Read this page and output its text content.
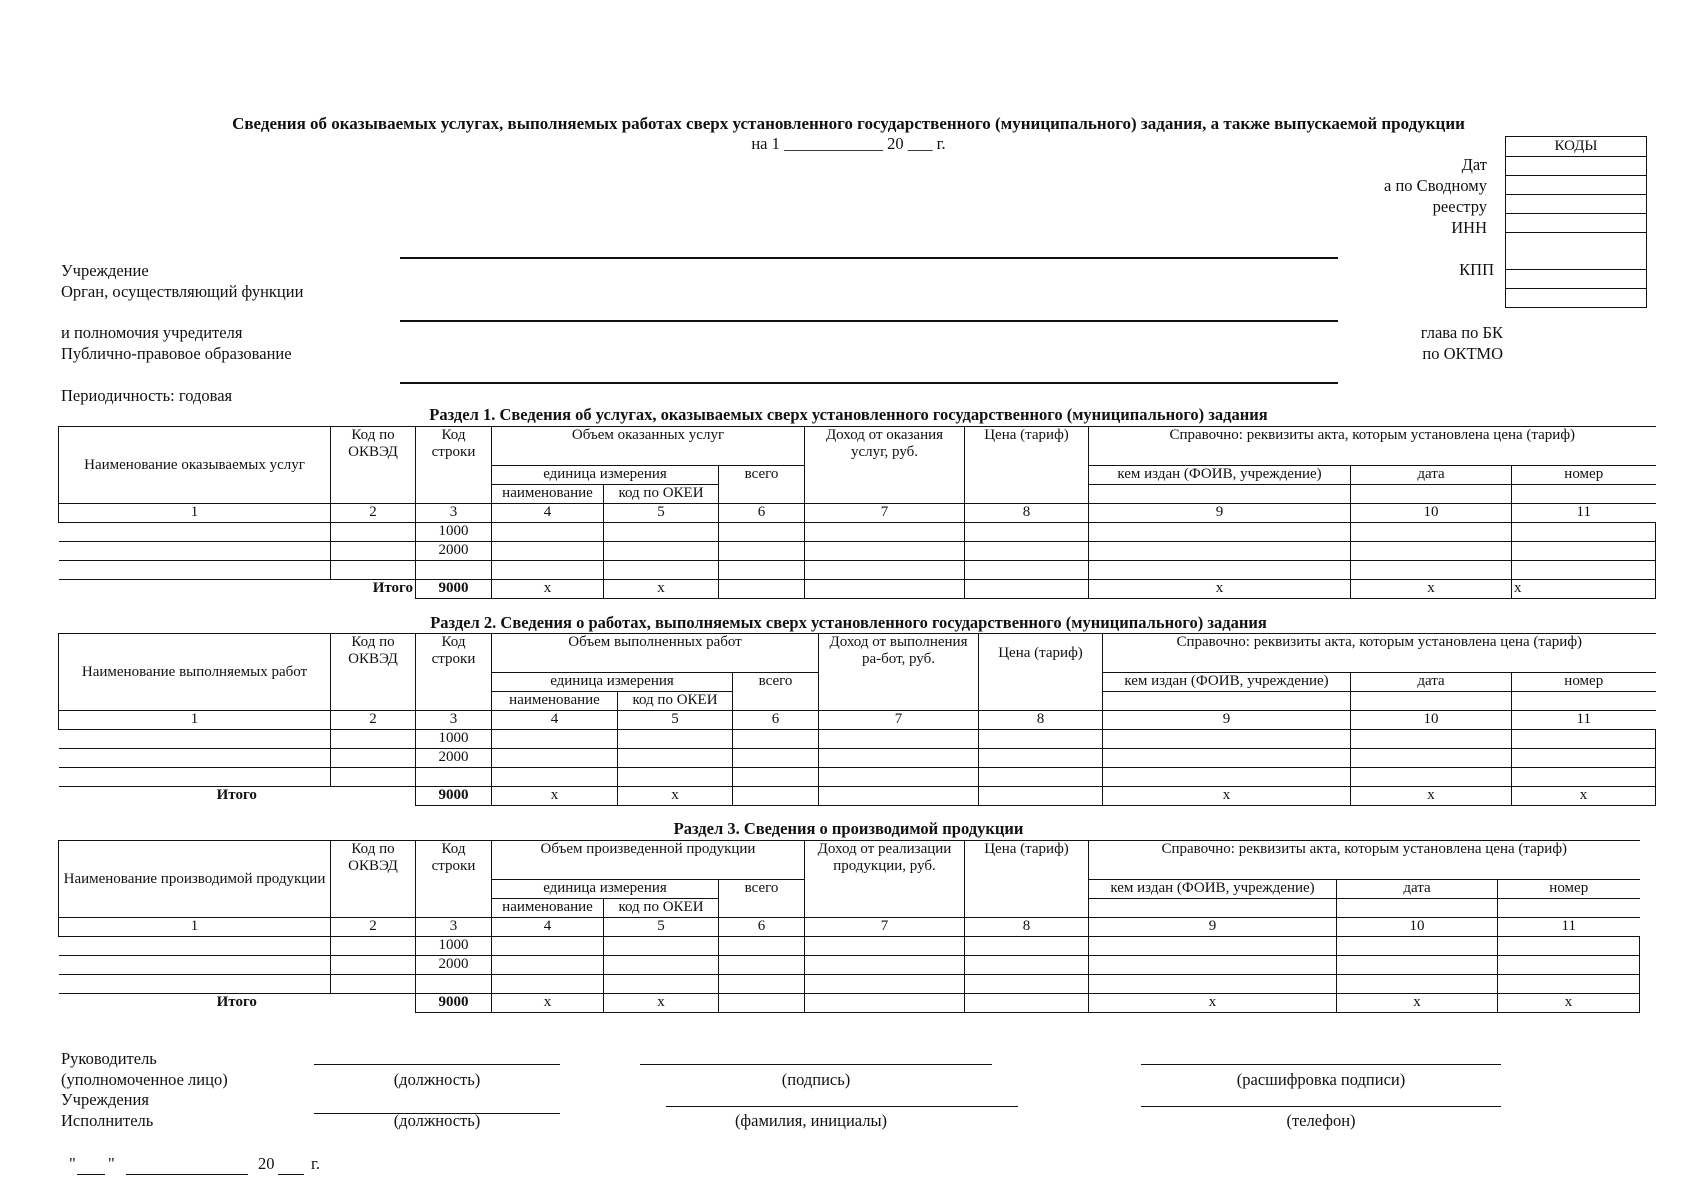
Сведения об оказываемых услугах, выполняемых работах сверх установленного государственного (муниципального) задания, а также выпускаемой продукции
на 1 ____________ 20 ___ г.	КОДЫ

Дат
а по Сводному
реестру
ИНН
КПП
глава по БК
по ОКТМО
Учреждение
Орган, осуществляющий функции
и полномочия учредителя
Публично-правовое образование
Периодичность: годовая
Раздел 1. Сведения об услугах, оказываемых сверх установленного государственного (муниципального) задания
Наименование оказываемых услуг	Код по ОКВЭД	Код строки	Объем оказанных услуг			Доход от оказания услуг, руб.	Цена (тариф)	Справочно: реквизиты акта, которым установлена цена (тариф)		
			единица измерения		всего			кем издан (ФОИВ, учреждение)	дата	номер
			наименование	код по ОКЕИ						
1	2	3	4	5	6	7	8	9	10	11
		1000								
		2000								

Итого		9000	х	х				х	х	х
Раздел 2. Сведения о работах, выполняемых сверх установленного государственного (муниципального) задания
Наименование выполняемых работ	Код по ОКВЭД	Код строки	Объем выполненных работ			Доход от выполнения ра-бот, руб.	Цена (тариф)	Справочно: реквизиты акта, которым установлена цена (тариф)		
			единица измерения		всего			кем издан (ФОИВ, учреждение)	дата	номер
			наименование	код по ОКЕИ						
1	2	3	4	5	6	7	8	9	10	11
		1000								
		2000								

Итого		9000	х	х				х	х	х
Раздел 3. Сведения о производимой продукции
Наименование производимой продукции	Код по ОКВЭД	Код строки	Объем произведенной продукции			Доход от реализации продукции, руб.	Цена (тариф)	Справочно: реквизиты акта, которым установлена цена (тариф)		
			единица измерения		всего			кем издан (ФОИВ, учреждение)	дата	номер
			наименование	код по ОКЕИ						
1	2	3	4	5	6	7	8	9	10	11
		1000								
		2000								

Итого		9000	х	х				х	х	х
Руководитель
(уполномоченное лицо)
Учреждения
Исполнитель
(должность)	(подпись)	(расшифровка подписи)
(должность)	(фамилия, инициалы)	(телефон)
" "	20 г.
